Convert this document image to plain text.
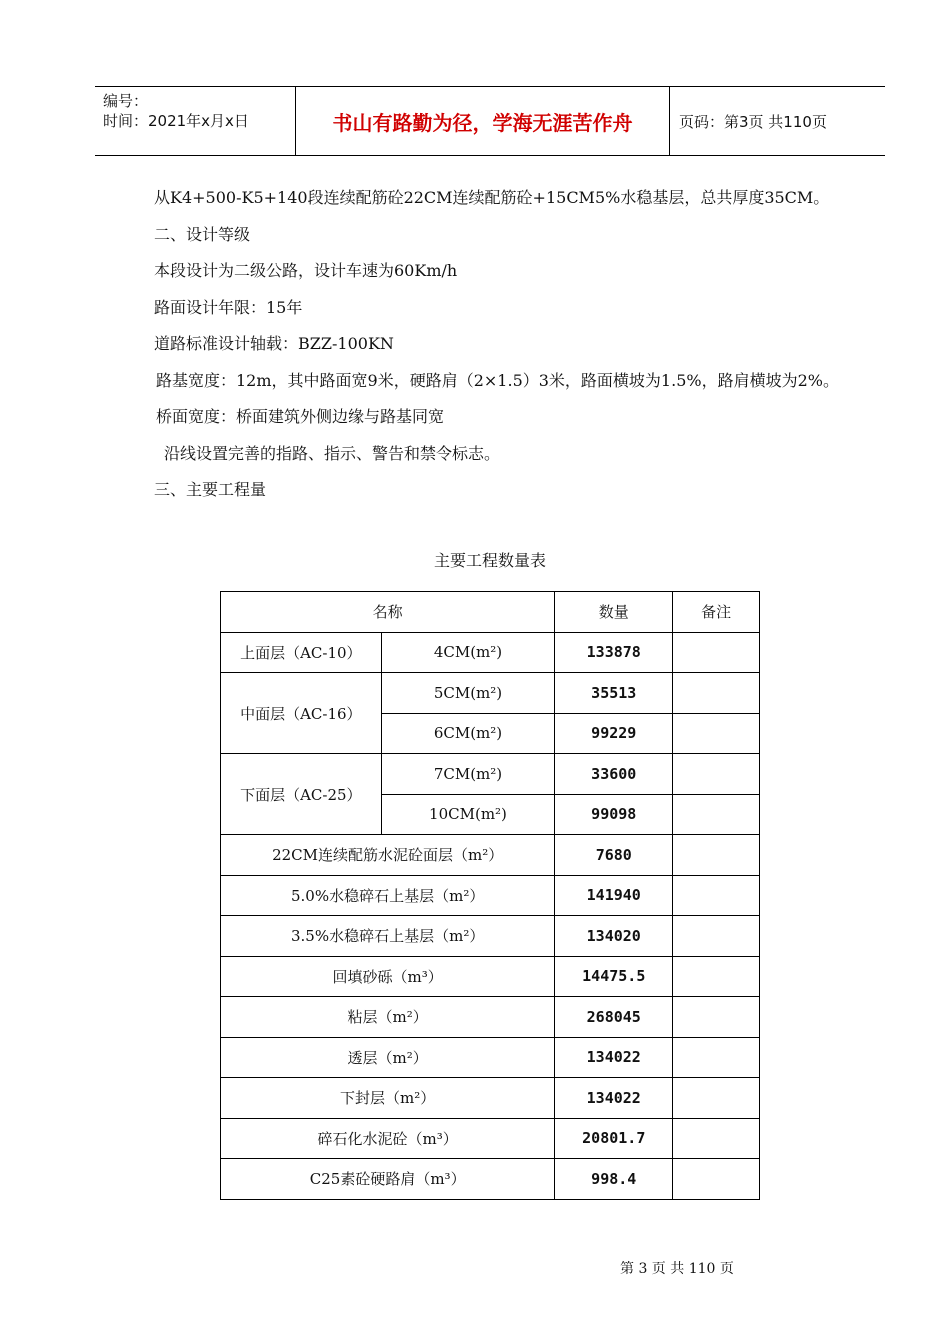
编号：
时间：2021年x月x日	书山有路勤为径，学海无涯苦作舟	页码：第3页 共110页

从K4+500-K5+140段连续配筋砼22CM连续配筋砼+15CM5%水稳基层，总共厚度35CM。

二、设计等级

本段设计为二级公路，设计车速为60Km/h

路面设计年限：15年

道路标准设计轴载：BZZ-100KN

路基宽度：12m，其中路面宽9米，硬路肩（2×1.5）3米，路面横坡为1.5%，路肩横坡为2%。

桥面宽度：桥面建筑外侧边缘与路基同宽

沿线设置完善的指路、指示、警告和禁令标志。

三、主要工程量

主要工程数量表
名称		数量	备注
上面层（AC-10）	4CM(m²)	133878	
中面层（AC-16）	5CM(m²)	35513	
	6CM(m²)	99229	
下面层（AC-25）	7CM(m²)	33600	
	10CM(m²)	99098	
22CM连续配筋水泥砼面层（m²）		7680	
5.0%水稳碎石上基层（m²）		141940	
3.5%水稳碎石上基层（m²）		134020	
回填砂砾（m³）		14475.5	
粘层（m²）		268045	
透层（m²）		134022	
下封层（m²）		134022	
碎石化水泥砼（m³）		20801.7	
C25素砼硬路肩（m³）		998.4	
第 3 页 共 110 页
